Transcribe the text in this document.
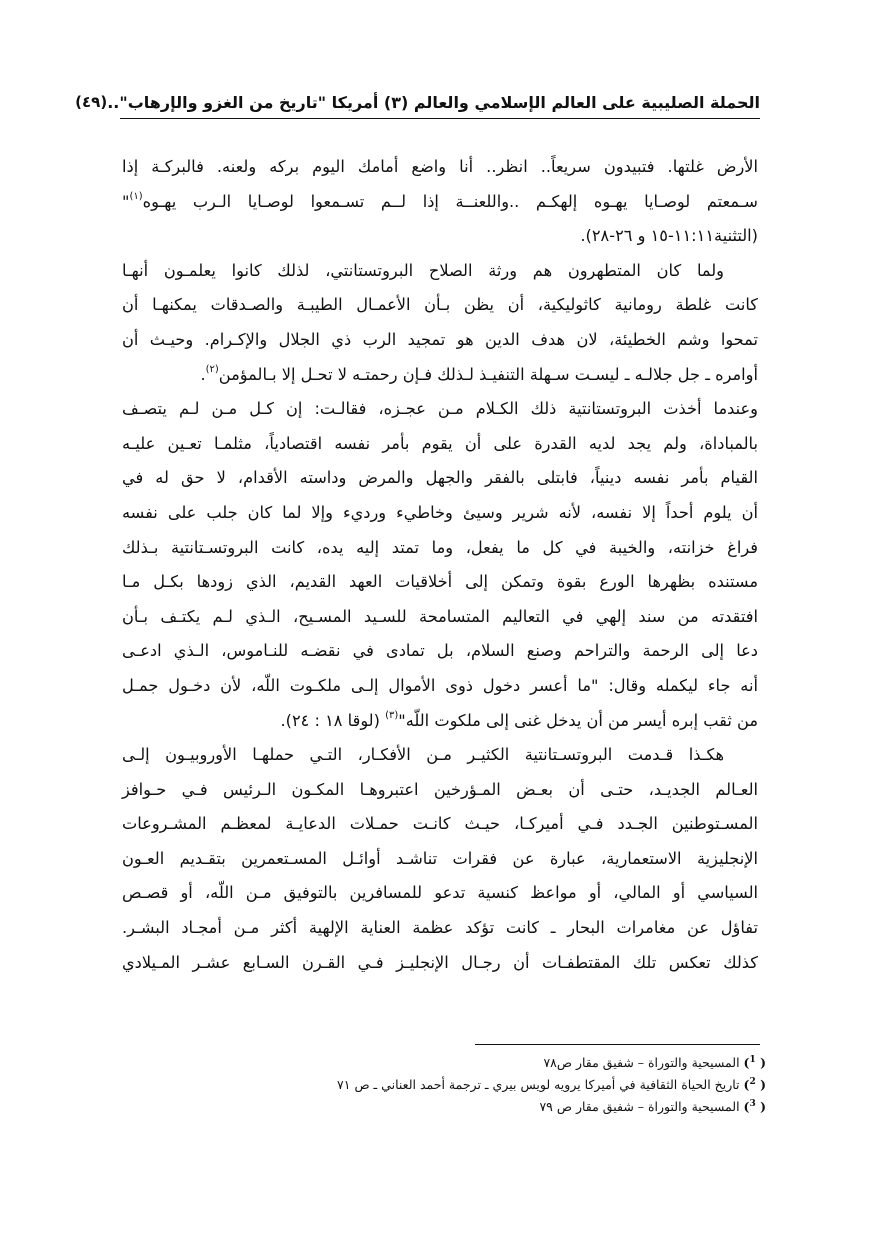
الحملة الصليبية على العالم الإسلامي والعالم (٣) أمريكا "تاريخ من الغزو والإرهاب"..
(٤٩)

الأرض غلتها. فتبيدون سريعاً.. انظر.. أنا واضع أمامك اليوم بركه ولعنه. فالبركـة إذا
سـمعتم لوصـايا يهـوه إلهكـم ..واللعنــة إذا لــم تسـمعوا لوصـايا الـرب يهـوه$^{(١)}$"
(التثنية١١:١١-١٥ و ٢٦-٢٨).

ولما كان المتطهرون هم ورثة الصلاح البروتستانتي، لذلك كانوا يعلمـون أنهـا
كانت غلطة رومانية كاثوليكية، أن يظن بـأن الأعمـال الطيبـة والصـدقات يمكنهـا أن
تمحوا وشم الخطيئة، لان هدف الدين هو تمجيد الرب ذي الجلال والإكـرام. وحيـث أن
أوامره ـ جل جلالـه ـ ليسـت سـهلة التنفيـذ لـذلك فـإن رحمتـه لا تحـل إلا بـالمؤمن$^{(٢)}$.

وعندما أخذت البروتستانتية ذلك الكـلام مـن عجـزه، فقالـت: إن كـل مـن لـم يتصـف
بالمباداة، ولم يجد لديه القدرة على أن يقوم بأمر نفسه اقتصادياً، مثلمـا تعـين عليـه
القيام بأمر نفسه دينياً، فابتلى بالفقر والجهل والمرض وداسته الأقدام، لا حق له في
أن يلوم أحداً إلا نفسه، لأنه شرير وسيئ وخاطيء ورديء وإلا لما كان جلب على نفسه
فراغ خزانته، والخيبة في كل ما يفعل، وما تمتد إليه يده، كانت البروتسـتانتية بـذلك
مستنده بظهرها الورع بقوة وتمكن إلى أخلاقيات العهد القديم، الذي زودها بكـل مـا
افتقدته من سند إلهي في التعاليم المتسامحة للسـيد المسـيح، الـذي لـم يكتـف بـأن
دعا إلى الرحمة والتراحم وصنع السلام، بل تمادى في نقضـه للنـاموس، الـذي ادعـى
أنه جاء ليكمله وقال: "ما أعسر دخول ذوى الأموال إلـى ملكـوت اللّه، لأن دخـول جمـل
من ثقب إبره أيسر من أن يدخل غنى إلى ملكوت اللّه"$^{(٣)}$ (لوقا ١٨ : ٢٤).

هكـذا قـدمت البروتسـتانتية الكثيـر مـن الأفكـار، التـي حملهـا الأوروبيـون إلـى
العـالم الجديـد، حتـى أن بعـض المـؤرخين اعتبروهـا المكـون الـرئيس فـي حـوافز
المسـتوطنين الجـدد فـي أميركـا، حيـث كانـت حمـلات الدعايـة لمعظـم المشـروعات
الإنجليزية الاستعمارية، عبارة عن فقرات تناشـد أوائـل المسـتعمرين بتقـديم العـون
السياسي أو المالي، أو مواعظ كنسية تدعو للمسافرين بالتوفيق مـن اللّه، أو قصـص
تفاؤل عن مغامرات البحار ـ كانت تؤكد عظمة العناية الإلهية أكثر مـن أمجـاد البشـر.
كذلك تعكس تلك المقتطفـات أن رجـال الإنجليـز فـي القـرن السـابع عشـر المـيلادي

( $^1$) المسيحية والتوراة – شفيق مقار ص٧٨
( $^2$) تاريخ الحياة الثقافية في أميركا يرويه لويس بيري ـ ترجمة أحمد العناني ـ ص ٧١
( $^3$) المسيحية والتوراة – شفيق مقار ص ٧٩
